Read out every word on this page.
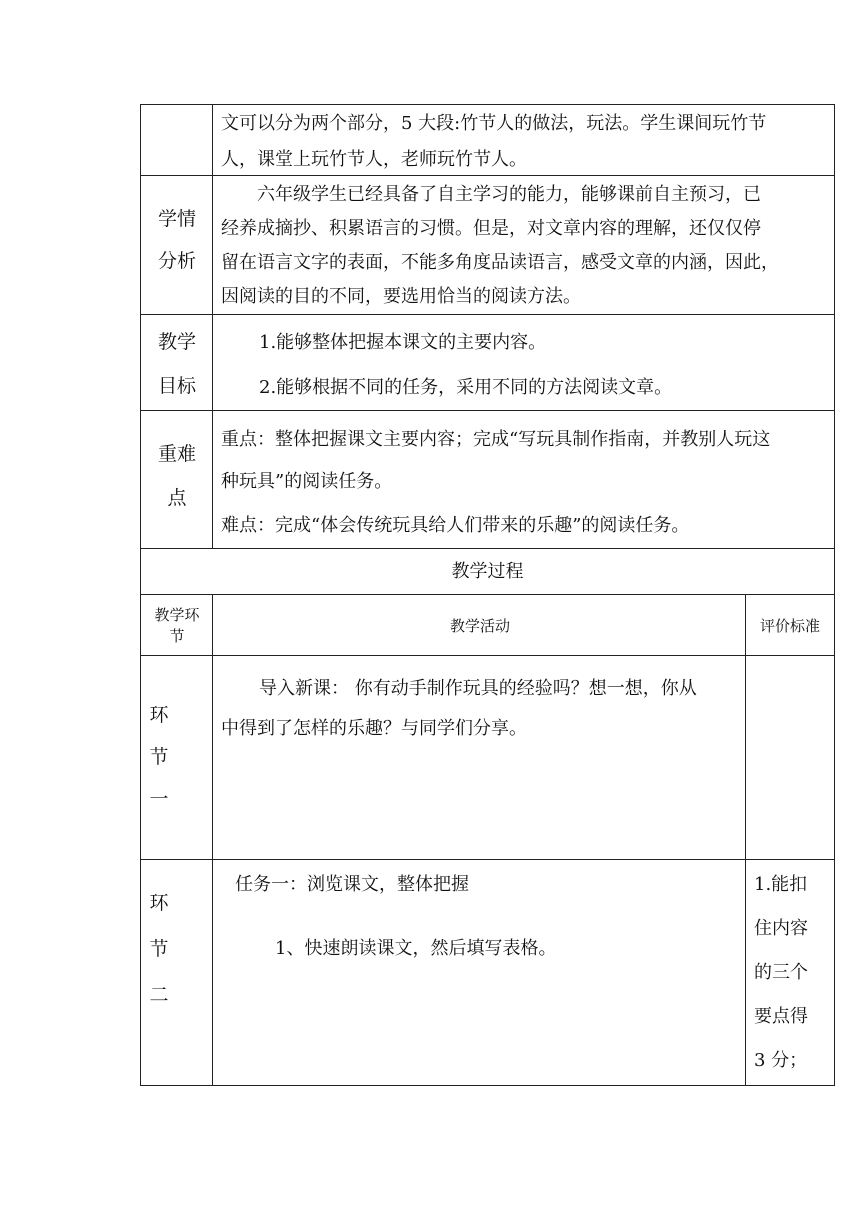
文可以分为两个部分，5 大段:竹节人的做法，玩法。学生课间玩竹节
人，课堂上玩竹节人，老师玩竹节人。
学情
分析
六年级学生已经具备了自主学习的能力，能够课前自主预习，已
经养成摘抄、积累语言的习惯。但是，对文章内容的理解，还仅仅停
留在语言文字的表面，不能多角度品读语言，感受文章的内涵，因此，
因阅读的目的不同，要选用恰当的阅读方法。
教学
目标
1.能够整体把握本课文的主要内容。
2.能够根据不同的任务，采用不同的方法阅读文章。
重难
点
重点：整体把握课文主要内容；完成“写玩具制作指南，并教别人玩这
种玩具”的阅读任务。
难点：完成“体会传统玩具给人们带来的乐趣”的阅读任务。
教学过程
教学环
节
教学活动	评价标准
环
节
一
导入新课： 你有动手制作玩具的经验吗？想一想，你从
中得到了怎样的乐趣？与同学们分享。
环
节
二
任务一：浏览课文，整体把握
1、快速朗读课文，然后填写表格。
1.能扣
住内容
的三个
要点得
3 分；
